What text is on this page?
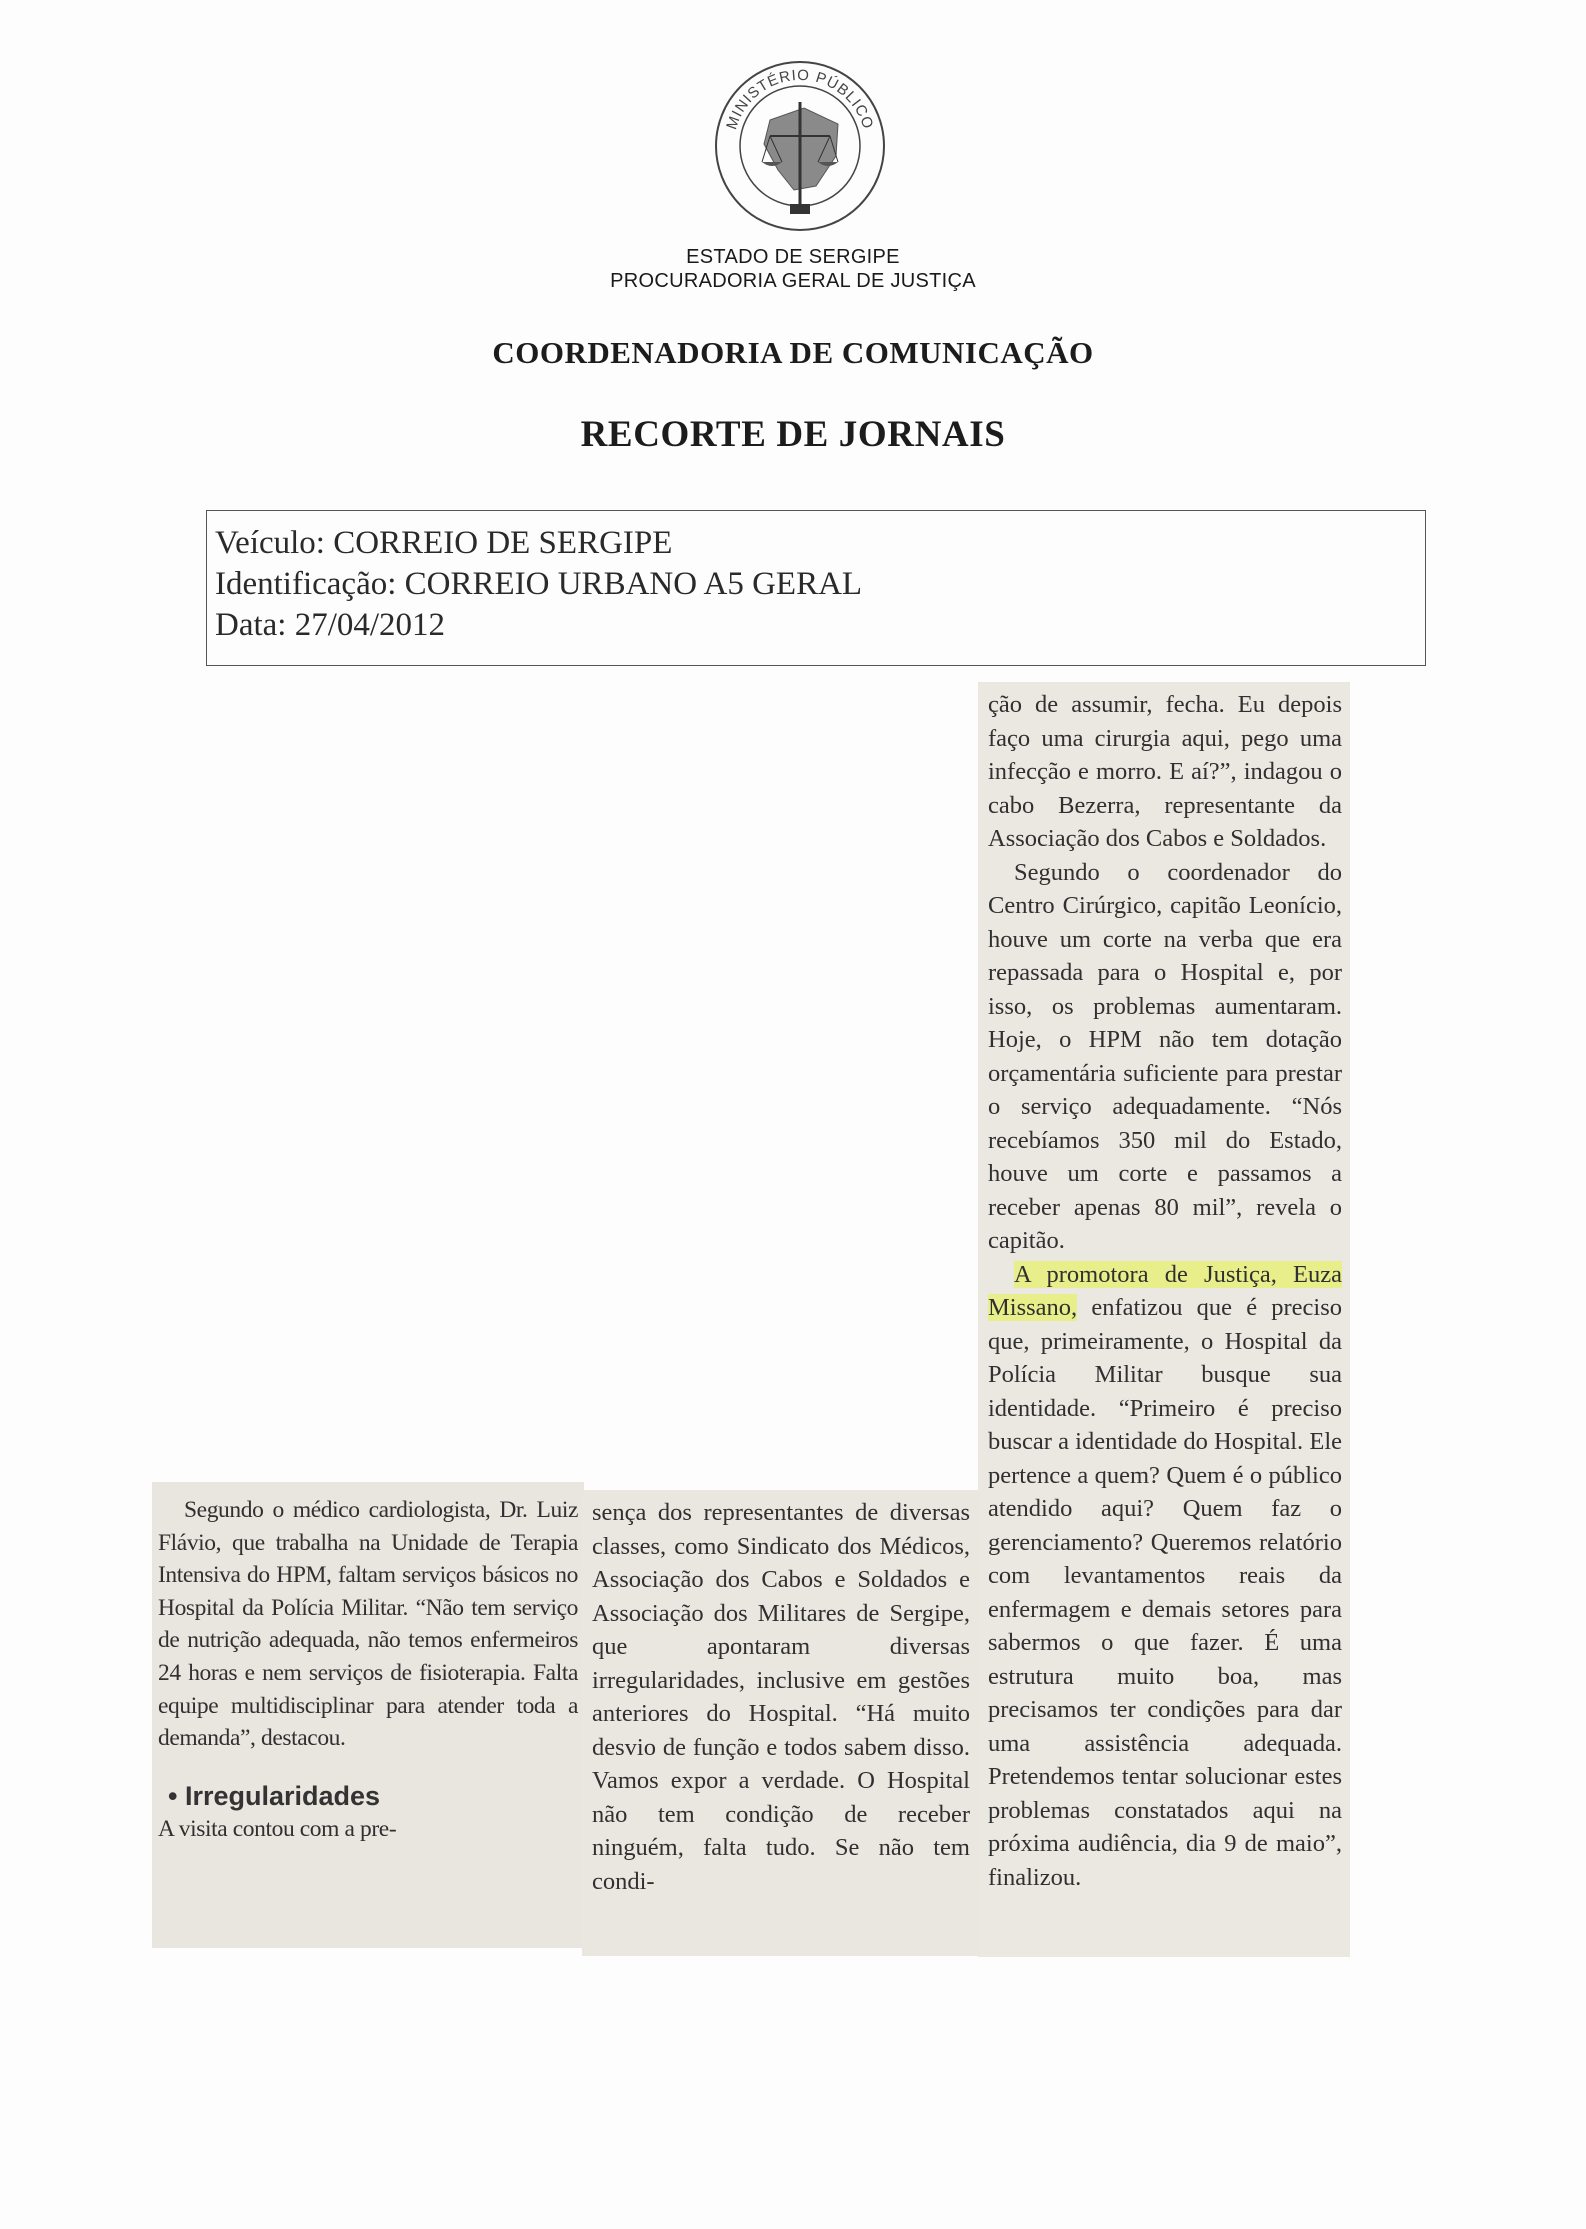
MINISTÉRIO PÚBLICO
ESTADO DE SERGIPE
PROCURADORIA GERAL DE JUSTIÇA
COORDENADORIA DE COMUNICAÇÃO
RECORTE DE JORNAIS
Veículo: CORREIO DE SERGIPE
Identificação: CORREIO URBANO A5 GERAL
Data: 27/04/2012

ção de assumir, fecha. Eu depois faço uma cirurgia aqui, pego uma infecção e morro. E aí?”, indagou o cabo Bezerra, representante da Associação dos Cabos e Soldados.

Segundo o coordenador do Centro Cirúrgico, capitão Leonício, houve um corte na verba que era repassada para o Hospital e, por isso, os problemas aumentaram. Hoje, o HPM não tem dotação orçamentária suficiente para prestar o serviço adequadamente. “Nós recebíamos 350 mil do Estado, houve um corte e passamos a receber apenas 80 mil”, revela o capitão.

A promotora de Justiça, Euza Missano, enfatizou que é preciso que, primeiramente, o Hospital da Polícia Militar busque sua identidade. “Primeiro é preciso buscar a identidade do Hospital. Ele pertence a quem? Quem é o público atendido aqui? Quem faz o gerenciamento? Queremos relatório com levantamentos reais da enfermagem e demais setores para sabermos o que fazer. É uma estrutura muito boa, mas precisamos ter condições para dar uma assistência adequada. Pretendemos tentar solucionar estes problemas constatados aqui na próxima audiência, dia 9 de maio”, finalizou.

Segundo o médico cardiologista, Dr. Luiz Flávio, que trabalha na Unidade de Terapia Intensiva do HPM, faltam serviços básicos no Hospital da Polícia Militar. “Não tem serviço de nutrição adequada, não temos enfermeiros 24 horas e nem serviços de fisioterapia. Falta equipe multidisciplinar para atender toda a demanda”, destacou.

• Irregularidades

A visita contou com a pre-

sença dos representantes de diversas classes, como Sindicato dos Médicos, Associação dos Cabos e Soldados e Associação dos Militares de Sergipe, que apontaram diversas irregularidades, inclusive em gestões anteriores do Hospital. “Há muito desvio de função e todos sabem disso. Vamos expor a verdade. O Hospital não tem condição de receber ninguém, falta tudo. Se não tem condi-
